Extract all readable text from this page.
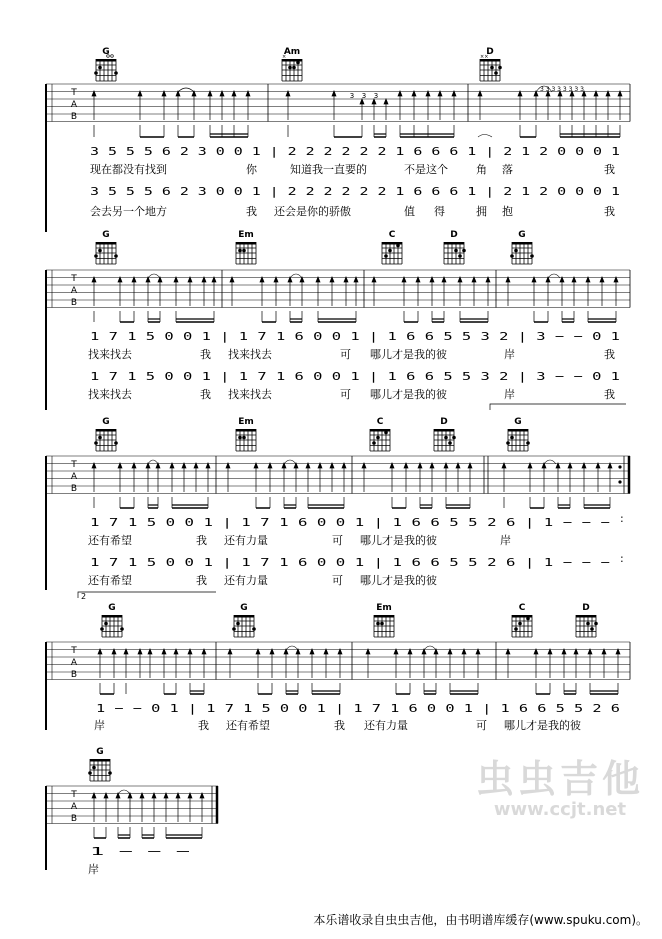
G	Am	D
×	××
T
A
B
3 3 3
3 3 3 3 3 3 3 3
3 5 5 5 6 2 3 0 0 1 | 2 2 2 2 2 2 1 6 6 6 1 | 2 1 2 0 0 0 1
现在都没有找到	你	知道我一直要的	不是这个	角 落	我
3 5 5 5 6 2 3 0 0 1 | 2 2 2 2 2 2 1 6 6 6 1 | 2 1 2 0 0 0 1
会去另一个地方	我 还会是你的骄傲	值 得	拥 抱	我
G	Em	C	D	G
T
A
B
1 7 1 5 0 0 1 | 1 7 1 6 0 0 1 | 1 6 6 5 5 3 2 | 3 − − 0 1
找来找去	我 找来找去	可 哪儿才是我的彼	岸	我
1 7 1 5 0 0 1 | 1 7 1 6 0 0 1 | 1 6 6 5 5 3 2 | 3 − − 0 1
找来找去	我 找来找去	可 哪儿才是我的彼	岸	我
G	Em	C	D	G
T
A
B
1 7 1 5 0 0 1 | 1 7 1 6 0 0 1 | 1 6 6 5 5 2 6 | 1 − − − :
还有希望	我 还有力量	可 哪儿才是我的彼	岸
1 7 1 5 0 0 1 | 1 7 1 6 0 0 1 | 1 6 6 5 5 2 6 | 1 − − − :
还有希望	我 还有力量	可 哪儿才是我的彼
2
G	G	Em	C	D
T
A
B
1 − − 0 1 | 1 7 1 5 0 0 1 | 1 7 1 6 0 0 1 | 1 6 6 5 5 2 6
岸	我 还有希望	我 还有力量	可 哪儿才是我的彼
G
T
A
B
1 − − −
岸
虫虫吉他
www.ccjt.net
本乐谱收录自虫虫吉他，由书明谱库缓存(www.spuku.com)。
